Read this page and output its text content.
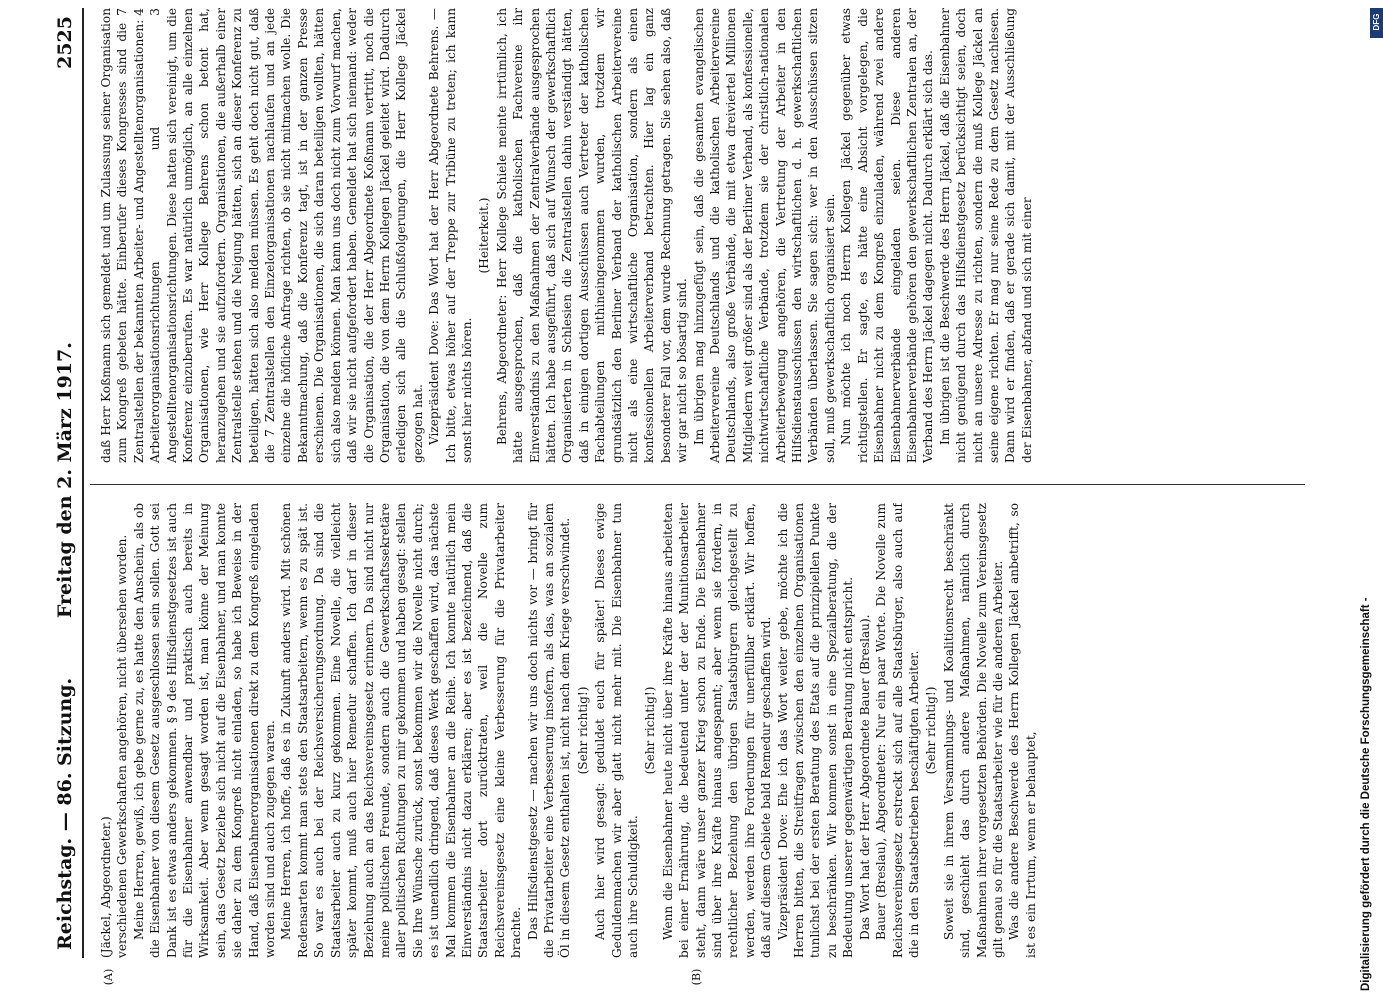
Reichstag. — 86. Sitzung.
Freitag den 2. März 1917.  2525
(A)	(B)

(Jäckel, Abgeordneter.) verschiedenen Gewerkschaften angehören, nicht übersehen worden. Meine Herren, gewiß, ich gebe gerne zu, es hatte den Anschein, als ob die Eisenbahner von diesem Gesetz ausgeschlossen sein sollen. Gott sei Dank ist es etwas anders gekommen. § 9 des Hilfsdienstgesetzes ist auch für die Eisenbahner anwendbar und praktisch auch bereits in Wirksamkeit. Aber wenn gesagt worden ist, man könne der Meinung sein, das Gesetz beziehe sich nicht auf die Eisenbahner, und man konnte sie daher zu dem Kongreß nicht einladen, so habe ich Beweise in der Hand, daß Eisenbahnerorganisationen direkt zu dem Kongreß eingeladen worden sind und auch zugegen waren. Meine Herren, ich hoffe, daß es in Zukunft anders wird. Mit schönen Redensarten kommt man stets den Staatsarbeitern, wenn es zu spät ist. So war es auch bei der Reichsversicherungsordnung. Da sind die Staatsarbeiter auch zu kurz gekommen. Eine Novelle, die vielleicht später kommt, muß auch hier Remedur schaffen. Ich darf in dieser Beziehung auch an das Reichsvereinsgesetz erinnern. Da sind nicht nur meine politischen Freunde, sondern auch die Gewerkschaftssekretäre aller politischen Richtungen zu mir gekommen und haben gesagt: stellen Sie Ihre Wünsche zurück, sonst bekommen wir die Novelle nicht durch; es ist unendlich dringend, daß dieses Werk geschaffen wird, das nächste Mal kommen die Eisenbahner an die Reihe. Ich konnte natürlich mein Einverständnis nicht dazu erklären; aber es ist bezeichnend, daß die Staatsarbeiter dort zurücktraten, weil die Novelle zum Reichsvereinsgesetz eine kleine Verbesserung für die Privatarbeiter brachte. Das Hilfsdienstgesetz — machen wir uns doch nichts vor — bringt für die Privatarbeiter eine Verbesserung insofern, als das, was an sozialem Öl in diesem Gesetz enthalten ist, nicht nach dem Kriege verschwindet. (Sehr richtig!) Auch hier wird gesagt: geduldet euch für später! Dieses ewige Geduldenmachen wir aber glatt nicht mehr mit. Die Eisenbahner tun auch ihre Schuldigkeit.

(Sehr richtig!) Wenn die Eisenbahner heute nicht über ihre Kräfte hinaus arbeiteten bei einer Ernährung, die bedeutend unter der der Munitionsarbeiter steht, dann wäre unser ganzer Krieg schon zu Ende. Die Eisenbahner sind über ihre Kräfte hinaus angespannt; aber wenn sie fordern, in rechtlicher Beziehung den übrigen Staatsbürgern gleichgestellt zu werden, werden ihre Forderungen für unerfüllbar erklärt. Wir hoffen, daß auf diesem Gebiete bald Remedur geschaffen wird. Vizepräsident Dove: Ehe ich das Wort weiter gebe, möchte ich die Herren bitten, die Streitfragen zwischen den einzelnen Organisationen tunlichst bei der ersten Beratung des Etats auf die prinzipiellen Punkte zu beschränken. Wir kommen sonst in eine Spezialberatung, die der Bedeutung unserer gegenwärtigen Beratung nicht entspricht. Das Wort hat der Herr Abgeordnete Bauer (Breslau). Bauer (Breslau), Abgeordneter: Nur ein paar Worte. Die Novelle zum Reichsvereinsgesetz erstreckt sich auf alle Staatsbürger, also auch auf die in den Staatsbetrieben beschäftigten Arbeiter. (Sehr richtig!) Soweit sie in ihrem Versammlungs- und Koalitionsrecht beschränkt sind, geschieht das durch andere Maßnahmen, nämlich durch Maßnahmen ihrer vorgesetzten Behörden. Die Novelle zum Vereinsgesetz gilt genau so für die Staatsarbeiter wie für die anderen Arbeiter. Was die andere Beschwerde des Herrn Kollegen Jäckel anbetrifft, so ist es ein Irrtum, wenn er behauptet,

daß Herr Koßmann sich gemeldet und um Zulassung seiner Organisation zum Kongreß gebeten hätte. Einberufer dieses Kongresses sind die 7 Zentralstellen der bekannten Arbeiter- und Angestelltenorganisationen: 4 Arbeiterorganisationsrichtungen und 3 Angestelltenorganisationsrichtungen. Diese hatten sich vereinigt, um die Konferenz einzuberufen. Es war natürlich unmöglich, an alle einzelnen Organisationen, wie Herr Kollege Behrens schon betont hat, heranzugehen und sie aufzufordern. Organisationen, die außerhalb einer Zentralstelle stehen und die Neigung hätten, sich an dieser Konferenz zu beteiligen, hätten sich also melden müssen. Es geht doch nicht gut, daß die 7 Zentralstellen den Einzelorganisationen nachlaufen und an jede einzelne die höfliche Anfrage richten, ob sie nicht mitmachen wolle. Die Bekanntmachung, daß die Konferenz tagt, ist in der ganzen Presse erschienen. Die Organisationen, die sich daran beteiligen wollten, hätten sich also melden können. Man kann uns doch nicht zum Vorwurf machen, daß wir sie nicht aufgefordert haben. Gemeldet hat sich niemand: weder die Organisation, die der Herr Abgeordnete Koßmann vertritt, noch die Organisation, die von dem Herrn Kollegen Jäckel geleitet wird. Dadurch erledigen sich alle die Schlußfolgerungen, die Herr Kollege Jäckel gezogen hat. Vizepräsident Dove: Das Wort hat der Herr Abgeordnete Behrens. — Ich bitte, etwas höher auf der Treppe zur Tribüne zu treten; ich kann sonst hier nichts hören.

(Heiterkeit.) Behrens, Abgeordneter: Herr Kollege Schiele meinte irrtümlich, ich hätte ausgesprochen, daß die katholischen Fachvereine ihr Einverständnis zu den Maßnahmen der Zentralverbände ausgesprochen hätten. Ich habe ausgeführt, daß sich auf Wunsch der gewerkschaftlich Organisierten in Schlesien die Zentralstellen dahin verständigt hätten, daß in einigen dortigen Ausschüssen auch Vertreter der katholischen Fachabteilungen mithineingenommen wurden, trotzdem wir grundsätzlich den Berliner Verband der katholischen Arbeitervereine nicht als eine wirtschaftliche Organisation, sondern als einen konfessionellen Arbeiterverband betrachten. Hier lag ein ganz besonderer Fall vor, dem wurde Rechnung getragen. Sie sehen also, daß wir gar nicht so bösartig sind. Im übrigen mag hinzugefügt sein, daß die gesamten evangelischen Arbeitervereine Deutschlands und die katholischen Arbeitervereine Deutschlands, also große Verbände, die mit etwa dreiviertel Millionen Mitgliedern weit größer sind als der Berliner Verband, als konfessionelle, nichtwirtschaftliche Verbände, trotzdem sie der christlich-nationalen Arbeiterbewegung angehören, die Vertretung der Arbeiter in den Hilfsdienstausschüssen den wirtschaftlichen d. h. gewerkschaftlichen Verbänden überlassen. Sie sagen sich: wer in den Ausschüssen sitzen soll, muß gewerkschaftlich organisiert sein. Nun möchte ich noch Herrn Kollegen Jäckel gegenüber etwas richtigstellen. Er sagte, es hätte eine Absicht vorgelegen, die Eisenbahner nicht zu dem Kongreß einzuladen, während zwei andere Eisenbahnerverbände eingeladen seien. Diese anderen Eisenbahnerverbände gehören den gewerkschaftlichen Zentralen an, der Verband des Herrn Jäckel dagegen nicht. Dadurch erklärt sich das. Im übrigen ist die Beschwerde des Herrn Jäckel, daß die Eisenbahner nicht genügend durch das Hilfsdienstgesetz berücksichtigt seien, doch nicht an unsere Adresse zu richten, sondern die muß Kollege Jäckel an seine eigene richten. Er mag nur seine Rede zu dem Gesetz nachlesen. Dann wird er finden, daß er gerade sich damit, mit der Ausschließung der Eisenbahner, abfand und sich mit einer

Digitalisierung gefördert durch die Deutsche Forschungsgemeinschaft -
DFG
